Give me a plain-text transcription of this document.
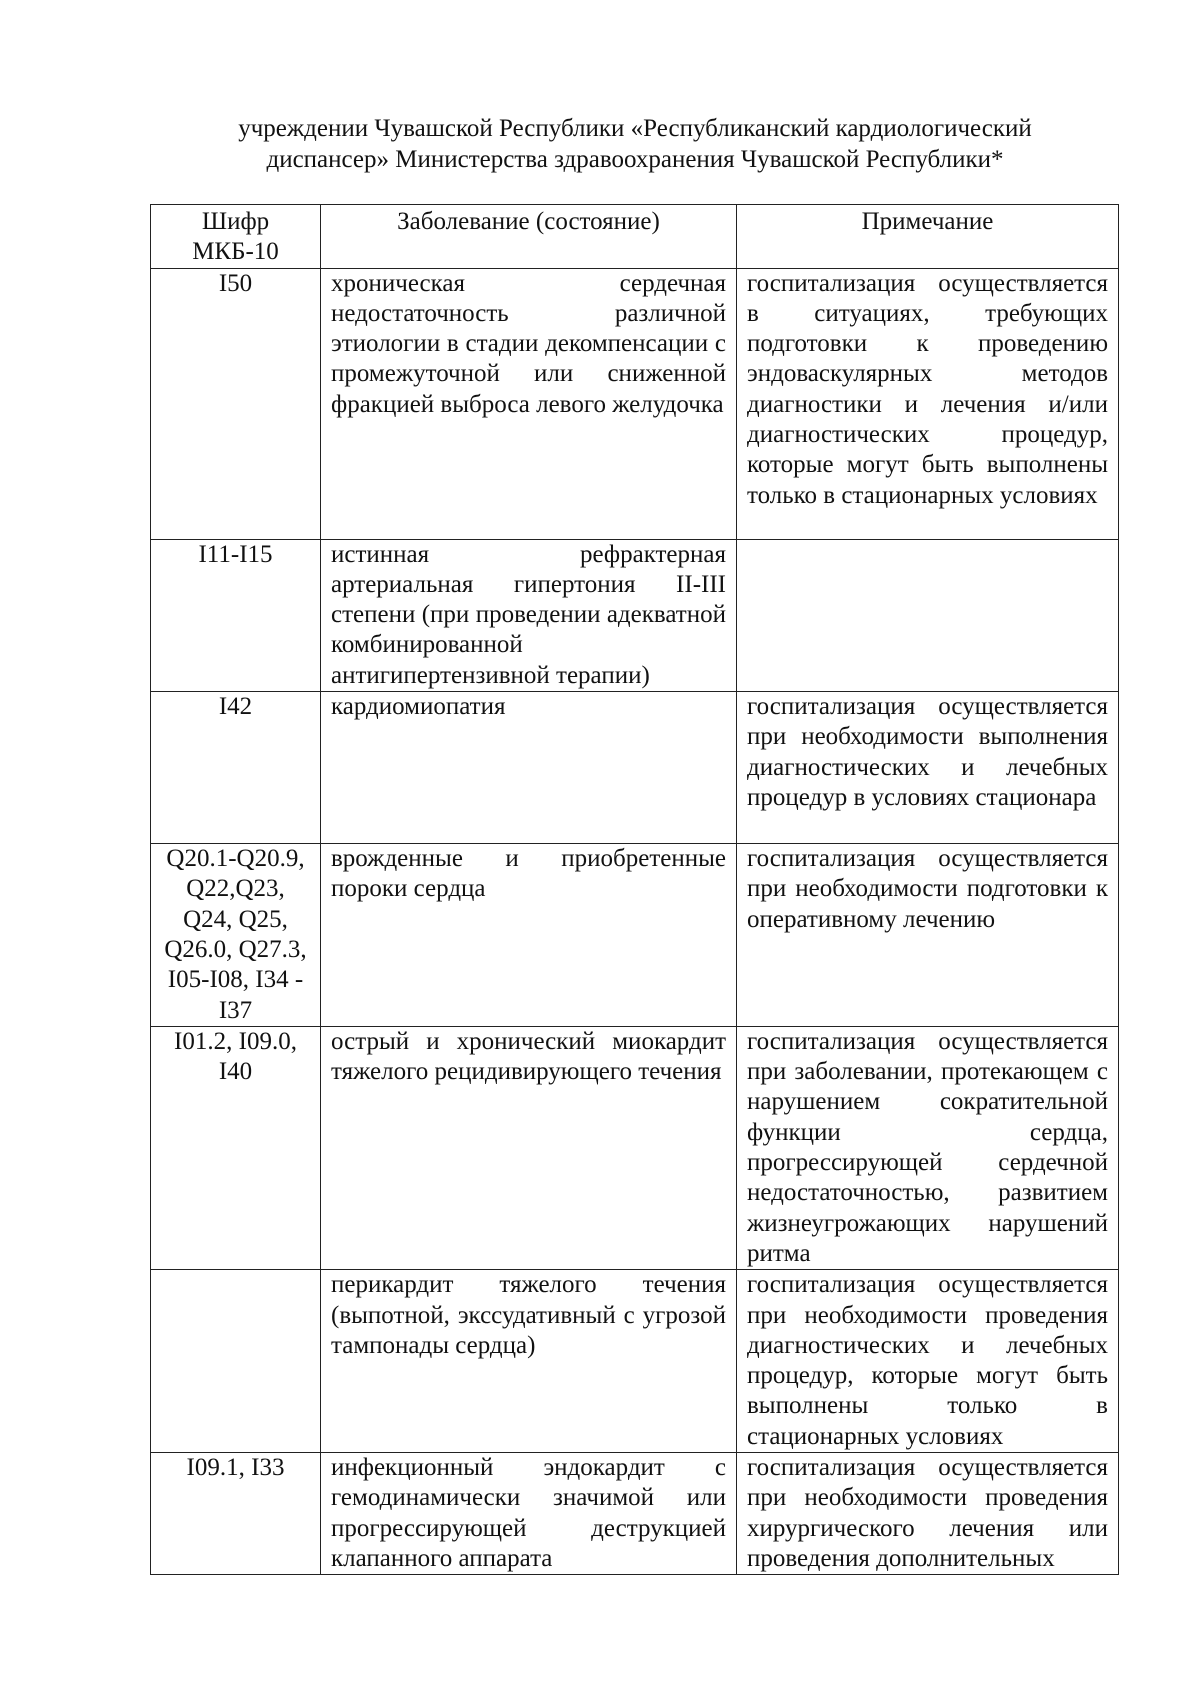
учреждении Чувашской Республики «Республиканский кардиологический
диспансер» Министерства здравоохранения Чувашской Республики*
Шифр МКБ-10	Заболевание (состояние)	Примечание
I50	хроническая сердечная недостаточность различной этиологии в стадии декомпенсации с промежуточной или сниженной фракцией выброса левого желудочка	госпитализация осуществляется в ситуациях, требующих подготовки к проведению эндоваскулярных методов диагностики и лечения и/или диагностических процедур, которые могут быть выполнены только в стационарных условиях
I11-I15	истинная рефрактерная артериальная гипертония II-III степени (при проведении адекватной комбинированной антигипертензивной терапии)	
I42	кардиомиопатия	госпитализация осуществляется при необходимости выполнения диагностических и лечебных процедур в условиях стационара
Q20.1-Q20.9, Q22,Q23, Q24, Q25, Q26.0, Q27.3, I05-I08, I34 - I37	врожденные и приобретенные пороки сердца	госпитализация осуществляется при необходимости подготовки к оперативному лечению
I01.2, I09.0, I40	острый и хронический миокардит тяжелого рецидивирующего течения	госпитализация осуществляется при заболевании, протекающем с нарушением сократительной функции сердца, прогрессирующей сердечной недостаточностью, развитием жизнеугрожающих нарушений ритма
	перикардит тяжелого течения (выпотной, экссудативный с угрозой тампонады сердца)	госпитализация осуществляется при необходимости проведения диагностических и лечебных процедур, которые могут быть выполнены только в стационарных условиях
I09.1, I33	инфекционный эндокардит с гемодинамически значимой или прогрессирующей деструкцией клапанного аппарата	госпитализация осуществляется при необходимости проведения хирургического лечения или проведения дополнительных
